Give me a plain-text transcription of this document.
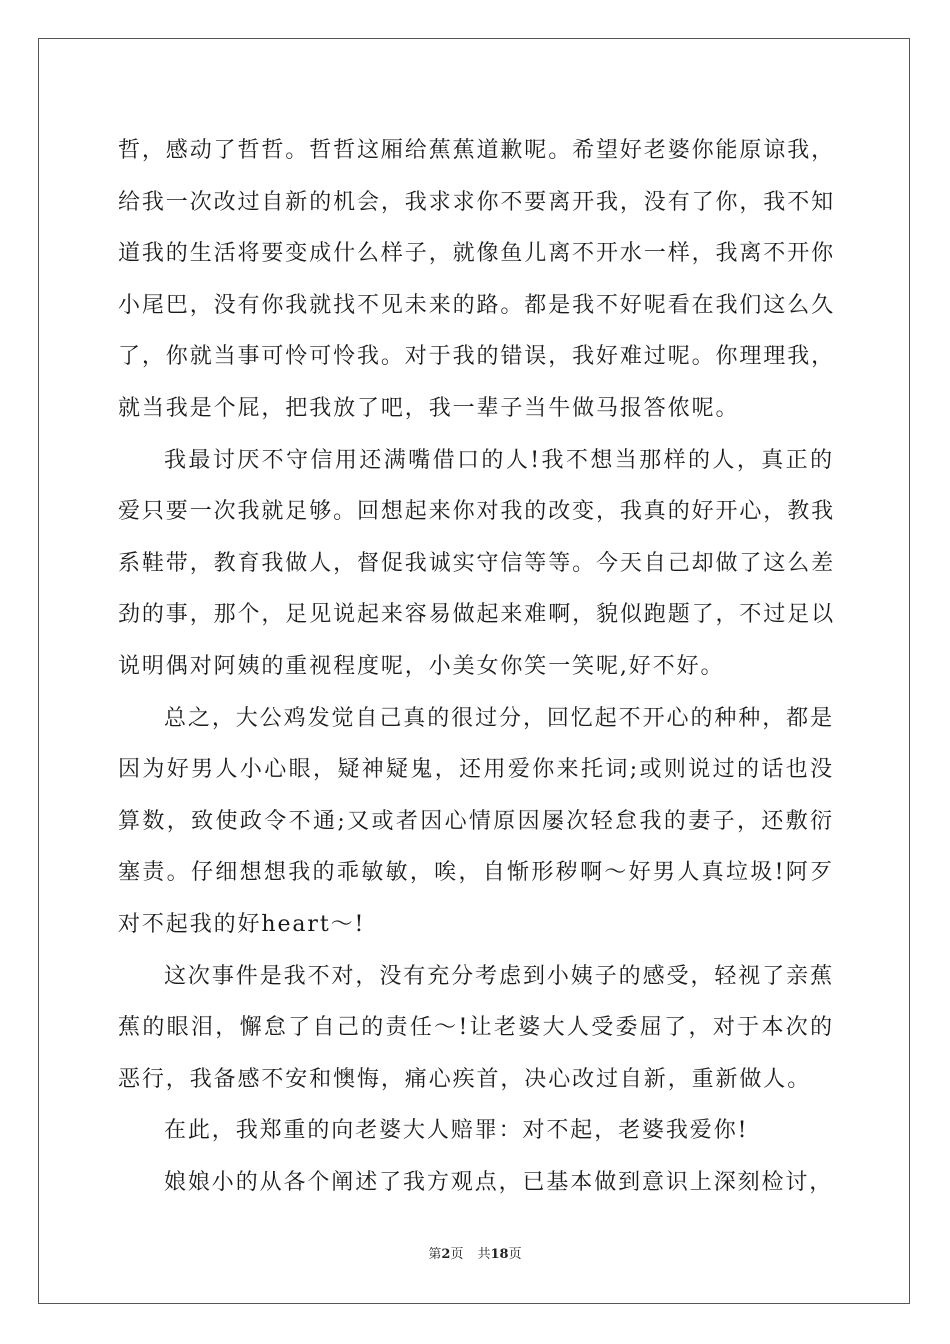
哲，感动了哲哲。哲哲这厢给蕉蕉道歉呢。希望好老婆你能原谅我，
给我一次改过自新的机会，我求求你不要离开我，没有了你，我不知
道我的生活将要变成什么样子，就像鱼儿离不开水一样，我离不开你
小尾巴，没有你我就找不见未来的路。都是我不好呢看在我们这么久
了，你就当事可怜可怜我。对于我的错误，我好难过呢。你理理我，
就当我是个屁，把我放了吧，我一辈子当牛做马报答侬呢。
我最讨厌不守信用还满嘴借口的人!我不想当那样的人，真正的
爱只要一次我就足够。回想起来你对我的改变，我真的好开心，教我
系鞋带，教育我做人，督促我诚实守信等等。今天自己却做了这么差
劲的事，那个，足见说起来容易做起来难啊，貌似跑题了，不过足以
说明偶对阿姨的重视程度呢，小美女你笑一笑呢,好不好。
总之，大公鸡发觉自己真的很过分，回忆起不开心的种种，都是
因为好男人小心眼，疑神疑鬼，还用爱你来托词;或则说过的话也没
算数，致使政令不通;又或者因心情原因屡次轻怠我的妻子，还敷衍
塞责。仔细想想我的乖敏敏，唉，自惭形秽啊～好男人真垃圾!阿歹
对不起我的好heart～!
这次事件是我不对，没有充分考虑到小姨子的感受，轻视了亲蕉
蕉的眼泪，懈怠了自己的责任～!让老婆大人受委屈了，对于本次的
恶行，我备感不安和懊悔，痛心疾首，决心改过自新，重新做人。
在此，我郑重的向老婆大人赔罪：对不起，老婆我爱你!
娘娘小的从各个阐述了我方观点，已基本做到意识上深刻检讨，
第2页 共18页
